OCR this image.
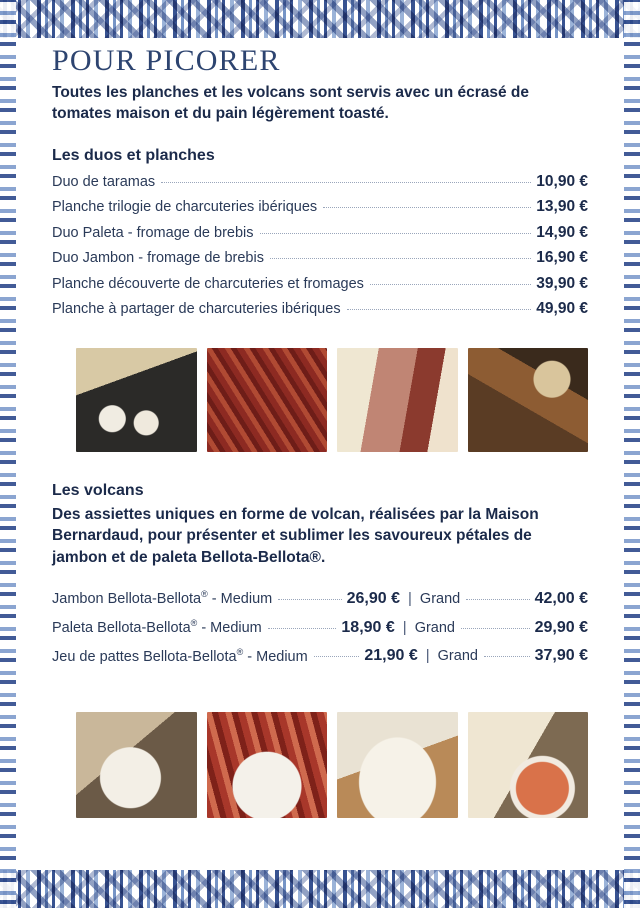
POUR PICORER

Toutes les planches et les volcans sont servis avec un écrasé de tomates maison et du pain légèrement toasté.

Les duos et planches
Duo de taramas	10,90 €
Planche trilogie de charcuteries ibériques	13,90 €
Duo Paleta - fromage de brebis	14,90 €
Duo Jambon - fromage de brebis	16,90 €
Planche découverte de charcuteries et fromages	39,90 €
Planche à partager de charcuteries ibériques	49,90 €
Les volcans

Des assiettes uniques en forme de volcan, réalisées par la Maison Bernardaud, pour présenter et sublimer les savoureux pétales de jambon et de paleta Bellota-Bellota®.

Jambon Bellota-Bellota® - Medium	26,90 € | Grand	42,00 €
Paleta Bellota-Bellota® - Medium	18,90 € | Grand	29,90 €
Jeu de pattes Bellota-Bellota® - Medium	21,90 € | Grand	37,90 €
